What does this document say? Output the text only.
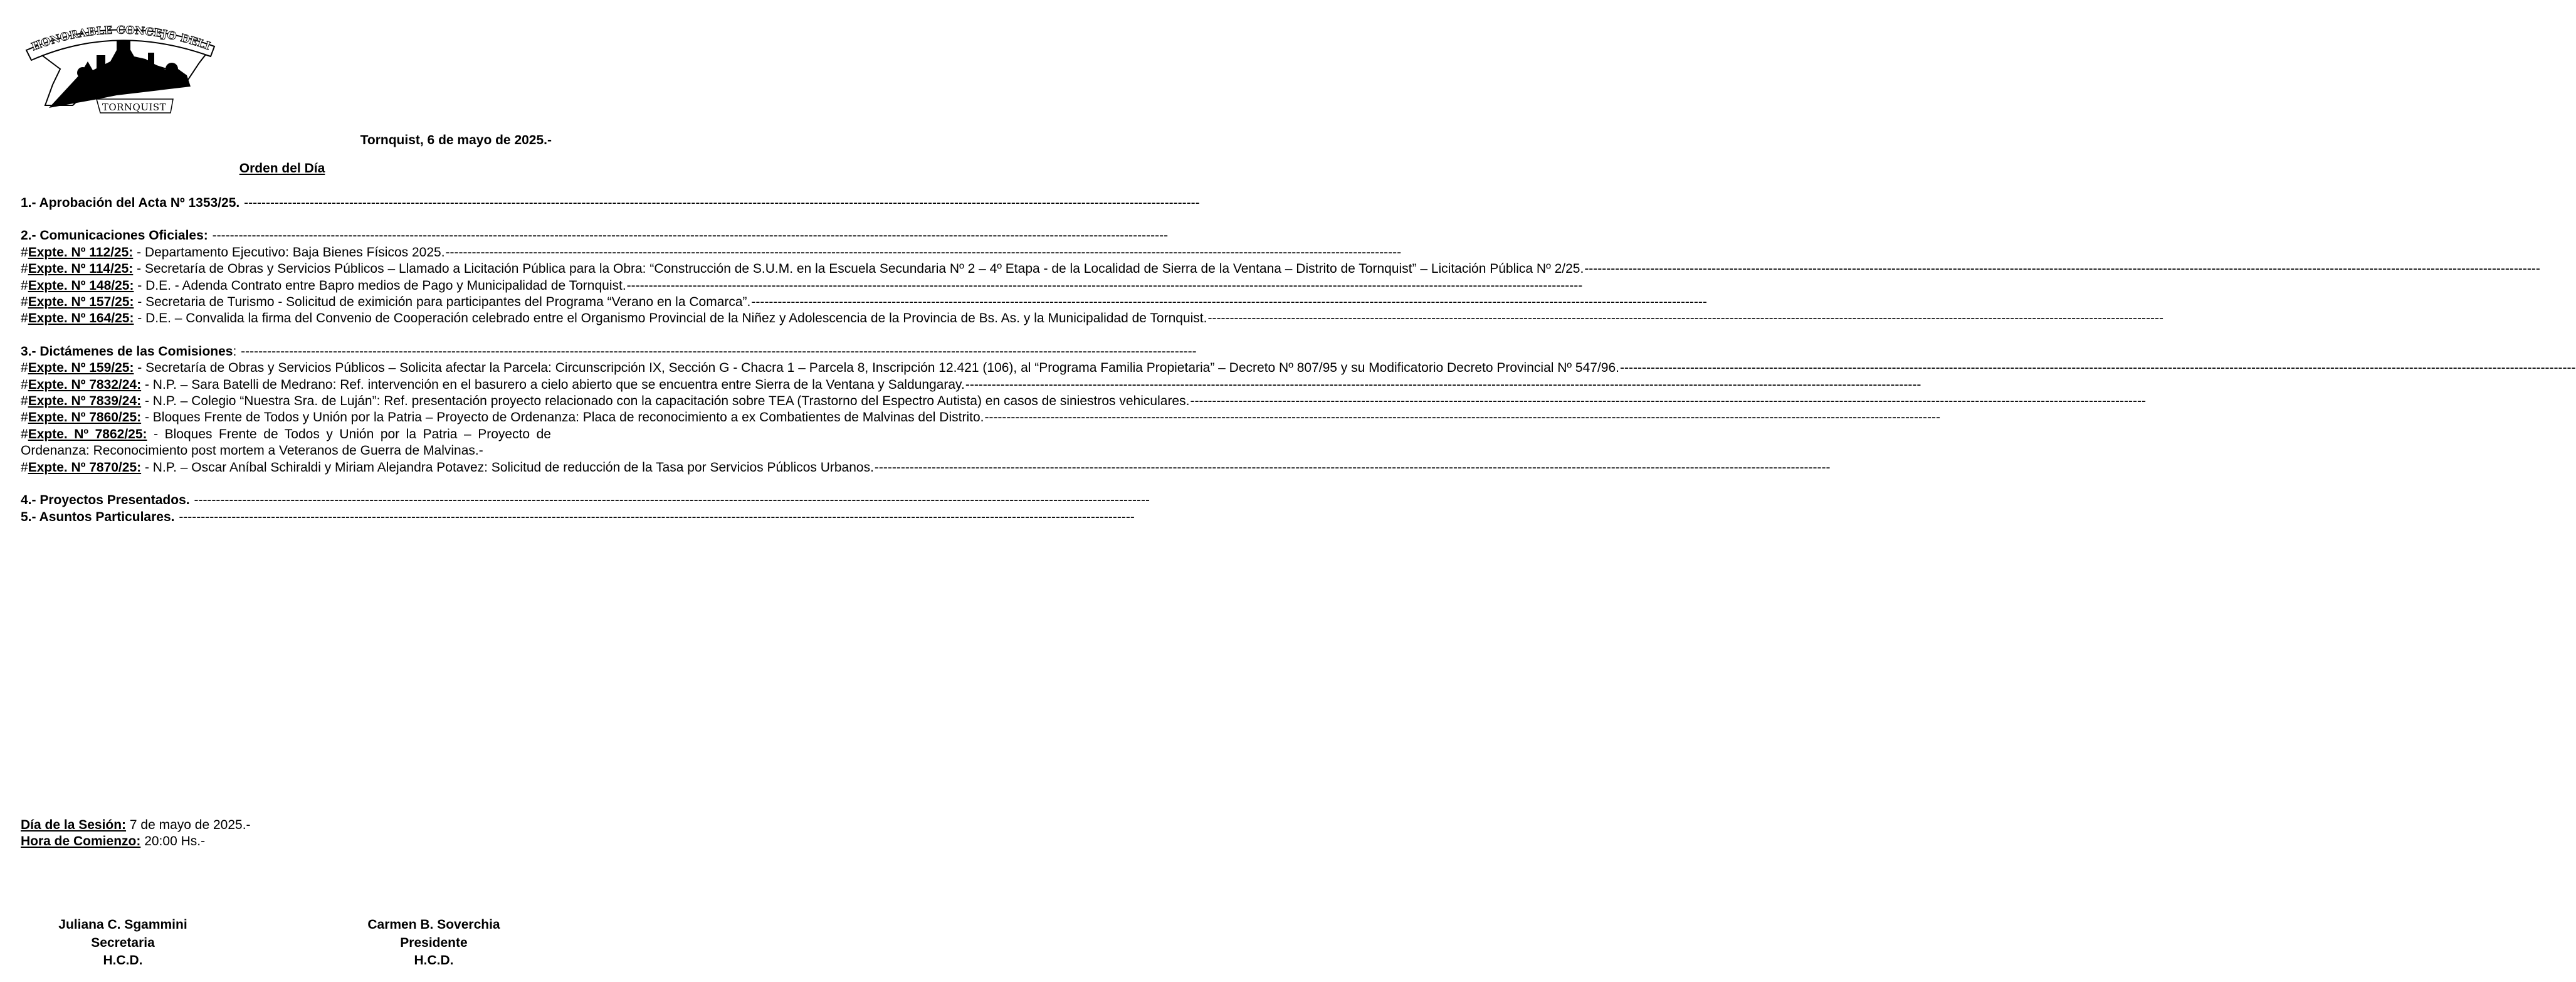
HONORABLE CONCEJO DELI
TORNQUIST
Tornquist, 6 de mayo de 2025.-
Orden del Día
1.- Aprobación del Acta Nº 1353/25. -----
2.- Comunicaciones Oficiales: -----
#Expte. Nº 112/25: - Departamento Ejecutivo: Baja Bienes Físicos 2025. -----
#Expte. Nº 114/25: - Secretaría de Obras y Servicios Públicos – Llamado a Licitación Pública para la Obra: “Construcción de S.U.M. en la Escuela Secundaria Nº 2 – 4º Etapa - de la Localidad de Sierra de la Ventana – Distrito de Tornquist” – Licitación Pública Nº 2/25. -----
#Expte. Nº 148/25: - D.E. - Adenda Contrato entre Bapro medios de Pago y Municipalidad de Tornquist. -----
#Expte. Nº 157/25: - Secretaria de Turismo - Solicitud de eximición para participantes del Programa “Verano en la Comarca”. -----
#Expte. Nº 164/25: - D.E. – Convalida la firma del Convenio de Cooperación celebrado entre el Organismo Provincial de la Niñez y Adolescencia de la Provincia de Bs. As. y la Municipalidad de Tornquist. -----
3.- Dictámenes de las Comisiones: -----
#Expte. Nº 159/25: - Secretaría de Obras y Servicios Públicos – Solicita afectar la Parcela: Circunscripción IX, Sección G - Chacra 1 – Parcela 8, Inscripción 12.421 (106), al “Programa Familia Propietaria” – Decreto Nº 807/95 y su Modificatorio Decreto Provincial Nº 547/96. -----
#Expte. Nº 7832/24: - N.P. – Sara Batelli de Medrano: Ref. intervención en el basurero a cielo abierto que se encuentra entre Sierra de la Ventana y Saldungaray. -----
#Expte. Nº 7839/24: - N.P. – Colegio “Nuestra Sra. de Luján”: Ref. presentación proyecto relacionado con la capacitación sobre TEA (Trastorno del Espectro Autista) en casos de siniestros vehiculares. -----
#Expte. Nº 7860/25: - Bloques Frente de Todos y Unión por la Patria – Proyecto de Ordenanza: Placa de reconocimiento a ex Combatientes de Malvinas del Distrito. -----
#Expte. Nº 7862/25: - Bloques Frente de Todos y Unión por la Patria – Proyecto de Ordenanza: Reconocimiento post mortem a Veteranos de Guerra de Malvinas.-
#Expte. Nº 7870/25: - N.P. – Oscar Aníbal Schiraldi y Miriam Alejandra Potavez: Solicitud de reducción de la Tasa por Servicios Públicos Urbanos. -----
4.- Proyectos Presentados. -----
5.- Asuntos Particulares. -----
Día de la Sesión: 7 de mayo de 2025.-
Hora de Comienzo: 20:00 Hs.-
Juliana C. Sgammini
Secretaria
H.C.D.
Carmen B. Soverchia
Presidente
H.C.D.
